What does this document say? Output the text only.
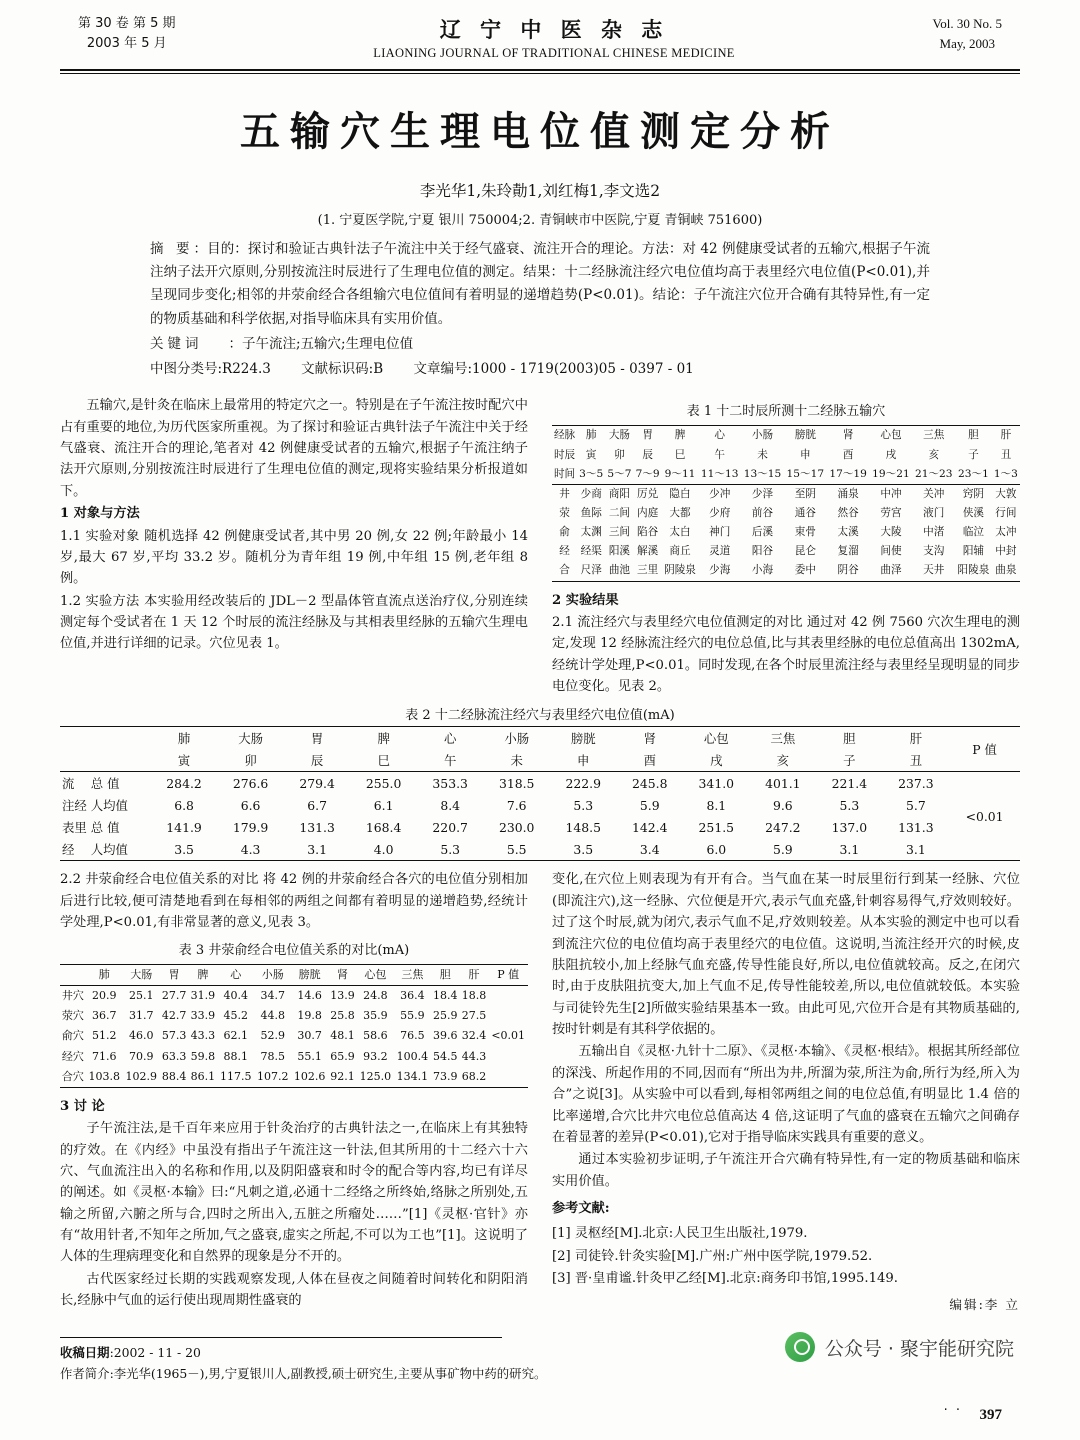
第 30 卷 第 5 期
2003 年 5 月
辽 宁 中 医 杂 志
LIAONING JOURNAL OF TRADITIONAL CHINESE MEDICINE
Vol. 30 No. 5
May, 2003
五输穴生理电位值测定分析
李光华1,朱玲勣1,刘红梅1,李文选2
(1. 宁夏医学院,宁夏 银川 750004;2. 青铜峡市中医院,宁夏 青铜峡 751600)
摘 要：目的：探讨和验证古典针法子午流注中关于经气盛衰、流注开合的理论。方法：对 42 例健康受试者的五输穴,根据子午流注纳子法开穴原则,分别按流注时辰进行了生理电位值的测定。结果：十二经脉流注经穴电位值均高于表里经穴电位值(P<0.01),并呈现同步变化;相邻的井荥俞经合各组输穴电位值间有着明显的递增趋势(P<0.01)。结论：子午流注穴位开合确有其特异性,有一定的物质基础和科学依据,对指导临床具有实用价值。
关键词 ：子午流注;五输穴;生理电位值
中图分类号:R224.3 文献标识码:B 文章编号:1000 - 1719(2003)05 - 0397 - 01

五输穴,是针灸在临床上最常用的特定穴之一。特别是在子午流注按时配穴中占有重要的地位,为历代医家所重视。为了探讨和验证古典针法子午流注中关于经气盛衰、流注开合的理论,笔者对 42 例健康受试者的五输穴,根据子午流注纳子法开穴原则,分别按流注时辰进行了生理电位值的测定,现将实验结果分析报道如下。

1 对象与方法

1.1 实验对象 随机选择 42 例健康受试者,其中男 20 例,女 22 例;年龄最小 14 岁,最大 67 岁,平均 33.2 岁。随机分为青年组 19 例,中年组 15 例,老年组 8 例。

1.2 实验方法 本实验用经改装后的 JDL－2 型晶体管直流点送治疗仪,分别连续测定每个受试者在 1 天 12 个时辰的流注经脉及与其相表里经脉的五输穴生理电位值,并进行详细的记录。穴位见表 1。

表 1 十二时辰所测十二经脉五输穴
经脉	肺	大肠	胃	脾	心	小肠	膀胱	肾	心包	三焦	胆	肝
时辰	寅	卯	辰	巳	午	未	申	酉	戌	亥	子	丑
时间	3～5	5～7	7～9	9～11	11～13	13～15	15～17	17～19	19～21	21～23	23～1	1～3
井	少商	商阳	厉兑	隐白	少冲	少泽	至阴	涌泉	中冲	关冲	窍阴	大敦
荥	鱼际	二间	内庭	大都	少府	前谷	通谷	然谷	劳宫	液门	侠溪	行间
俞	太渊	三间	陷谷	太白	神门	后溪	束骨	太溪	大陵	中渚	临泣	太冲
经	经渠	阳溪	解溪	商丘	灵道	阳谷	昆仑	复溜	间使	支沟	阳辅	中封
合	尺泽	曲池	三里	阴陵泉	少海	小海	委中	阴谷	曲泽	天井	阳陵泉	曲泉

2 实验结果

2.1 流注经穴与表里经穴电位值测定的对比 通过对 42 例 7560 穴次生理电的测定,发现 12 经脉流注经穴的电位总值,比与其表里经脉的电位总值高出 1302mA,经统计学处理,P<0.01。同时发现,在各个时辰里流注经与表里经呈现明显的同步电位变化。见表 2。

表 2 十二经脉流注经穴与表里经穴电位值(mA)
		肺	大肠	胃	脾	心	小肠	膀胱	肾	心包	三焦	胆	肝	P 值
		寅	卯	辰	巳	午	未	申	酉	戌	亥	子	丑	
流	总 值	284.2	276.6	279.4	255.0	353.3	318.5	222.9	245.8	341.0	401.1	221.4	237.3	
注经	人均值	6.8	6.6	6.7	6.1	8.4	7.6	5.3	5.9	8.1	9.6	5.3	5.7	<0.01
表里	总 值	141.9	179.9	131.3	168.4	220.7	230.0	148.5	142.4	251.5	247.2	137.0	131.3	
经	人均值	3.5	4.3	3.1	4.0	5.3	5.5	3.5	3.4	6.0	5.9	3.1	3.1	

2.2 井荥俞经合电位值关系的对比 将 42 例的井荥俞经合各穴的电位值分别相加后进行比较,便可清楚地看到在每相邻的两组之间都有着明显的递增趋势,经统计学处理,P<0.01,有非常显著的意义,见表 3。

表 3 井荥俞经合电位值关系的对比(mA)
	肺	大肠	胃	脾	心	小肠	膀胱	肾	心包	三焦	胆	肝	P 值
井穴	20.9	25.1	27.7	31.9	40.4	34.7	14.6	13.9	24.8	36.4	18.4	18.8	
荥穴	36.7	31.7	42.7	33.9	45.2	44.8	19.8	25.8	35.9	55.9	25.9	27.5	
俞穴	51.2	46.0	57.3	43.3	62.1	52.9	30.7	48.1	58.6	76.5	39.6	32.4	<0.01
经穴	71.6	70.9	63.3	59.8	88.1	78.5	55.1	65.9	93.2	100.4	54.5	44.3	
合穴	103.8	102.9	88.4	86.1	117.5	107.2	102.6	92.1	125.0	134.1	73.9	68.2	

3 讨 论

子午流注法,是千百年来应用于针灸治疗的古典针法之一,在临床上有其独特的疗效。在《内经》中虽没有指出子午流注这一针法,但其所用的十二经六十六穴、气血流注出入的名称和作用,以及阴阳盛衰和时令的配合等内容,均已有详尽的阐述。如《灵枢·本输》曰:“凡刺之道,必通十二经络之所终始,络脉之所别处,五输之所留,六腑之所与合,四时之所出入,五脏之所瘤处……”[1]《灵枢·官针》亦有“故用针者,不知年之所加,气之盛衰,虚实之所起,不可以为工也”[1]。这说明了人体的生理病理变化和自然界的现象是分不开的。

古代医家经过长期的实践观察发现,人体在昼夜之间随着时间转化和阴阳消长,经脉中气血的运行使出现周期性盛衰的

变化,在穴位上则表现为有开有合。当气血在某一时辰里衍行到某一经脉、穴位(即流注穴),这一经脉、穴位便是开穴,表示气血充盛,针刺容易得气,疗效则较好。过了这个时辰,就为闭穴,表示气血不足,疗效则较差。从本实验的测定中也可以看到流注穴位的电位值均高于表里经穴的电位值。这说明,当流注经开穴的时候,皮肤阻抗较小,加上经脉气血充盛,传导性能良好,所以,电位值就较高。反之,在闭穴时,由于皮肤阻抗变大,加上气血不足,传导性能较差,所以,电位值就较低。本实验与司徒铃先生[2]所做实验结果基本一致。由此可见,穴位开合是有其物质基础的,按时针刺是有其科学依据的。

五输出自《灵枢·九针十二原》、《灵枢·本输》、《灵枢·根结》。根据其所经部位的深浅、所起作用的不同,因而有“所出为井,所溜为荥,所注为俞,所行为经,所入为合”之说[3]。从实验中可以看到,每相邻两组之间的电位总值,有明显比 1.4 倍的比率递增,合穴比井穴电位总值高达 4 倍,这证明了气血的盛衰在五输穴之间确存在着显著的差异(P<0.01),它对于指导临床实践具有重要的意义。

通过本实验初步证明,子午流注开合穴确有特异性,有一定的物质基础和临床实用价值。

参考文献:

[1] 灵枢经[M].北京:人民卫生出版社,1979.
[2] 司徒铃.针灸实验[M].广州:广州中医学院,1979.52.
[3] 晋·皇甫谧.针灸甲乙经[M].北京:商务印书馆,1995.149.
编辑:李 立
收稿日期:2002 - 11 - 20
作者简介:李光华(1965－),男,宁夏银川人,副教授,硕士研究生,主要从事矿物中药的研究。
公众号 · 聚宇能研究院
· · 397
